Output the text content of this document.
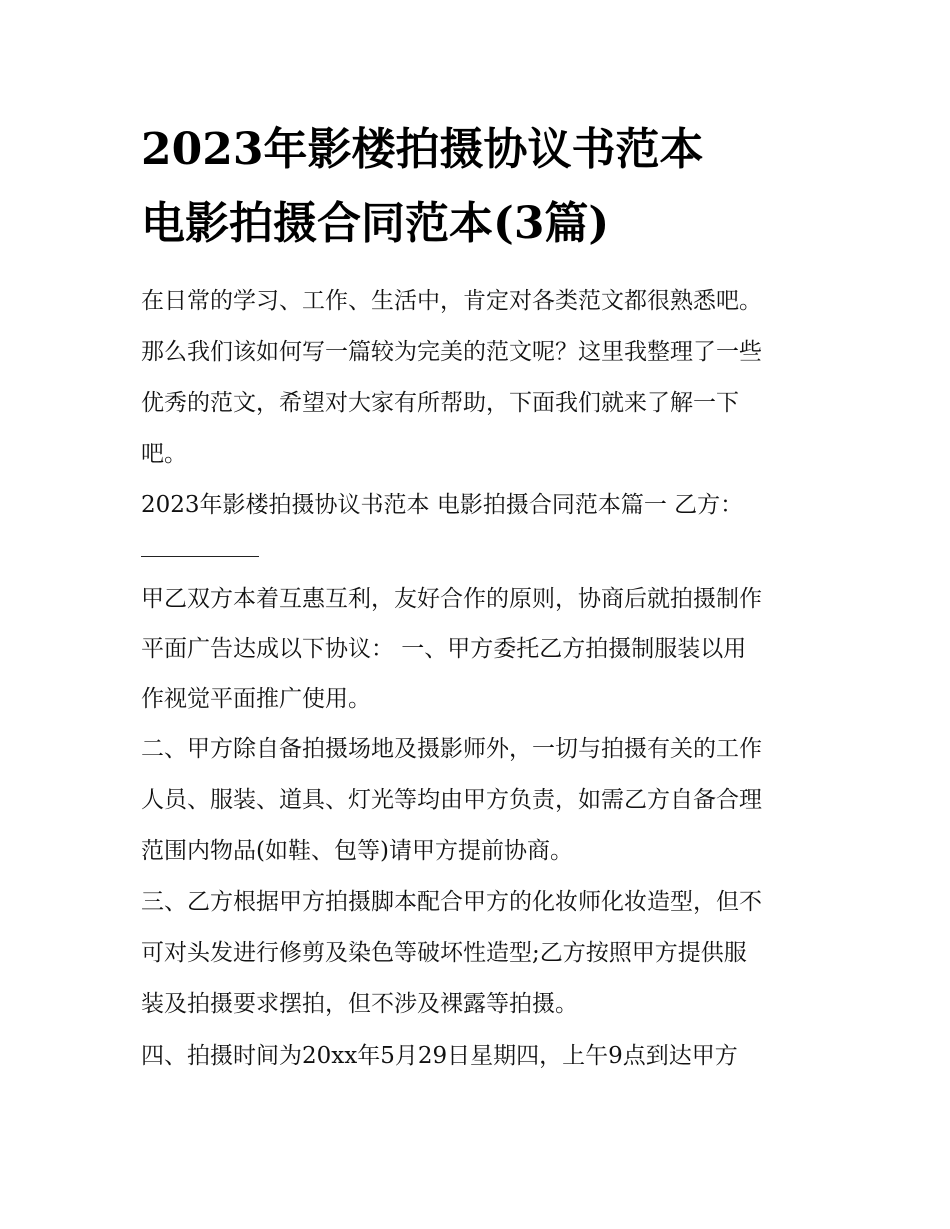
2023年影楼拍摄协议书范本
电影拍摄合同范本(3篇)
在日常的学习、工作、生活中，肯定对各类范文都很熟悉吧。
那么我们该如何写一篇较为完美的范文呢？这里我整理了一些
优秀的范文，希望对大家有所帮助，下面我们就来了解一下
吧。
2023年影楼拍摄协议书范本 电影拍摄合同范本篇一 乙方：
甲乙双方本着互惠互利，友好合作的原则，协商后就拍摄制作
平面广告达成以下协议： 一、甲方委托乙方拍摄制服装以用
作视觉平面推广使用。
二、甲方除自备拍摄场地及摄影师外，一切与拍摄有关的工作
人员、服装、道具、灯光等均由甲方负责，如需乙方自备合理
范围内物品(如鞋、包等)请甲方提前协商。
三、乙方根据甲方拍摄脚本配合甲方的化妆师化妆造型，但不
可对头发进行修剪及染色等破坏性造型;乙方按照甲方提供服
装及拍摄要求摆拍，但不涉及裸露等拍摄。
四、拍摄时间为20xx年5月29日星期四，上午9点到达甲方
